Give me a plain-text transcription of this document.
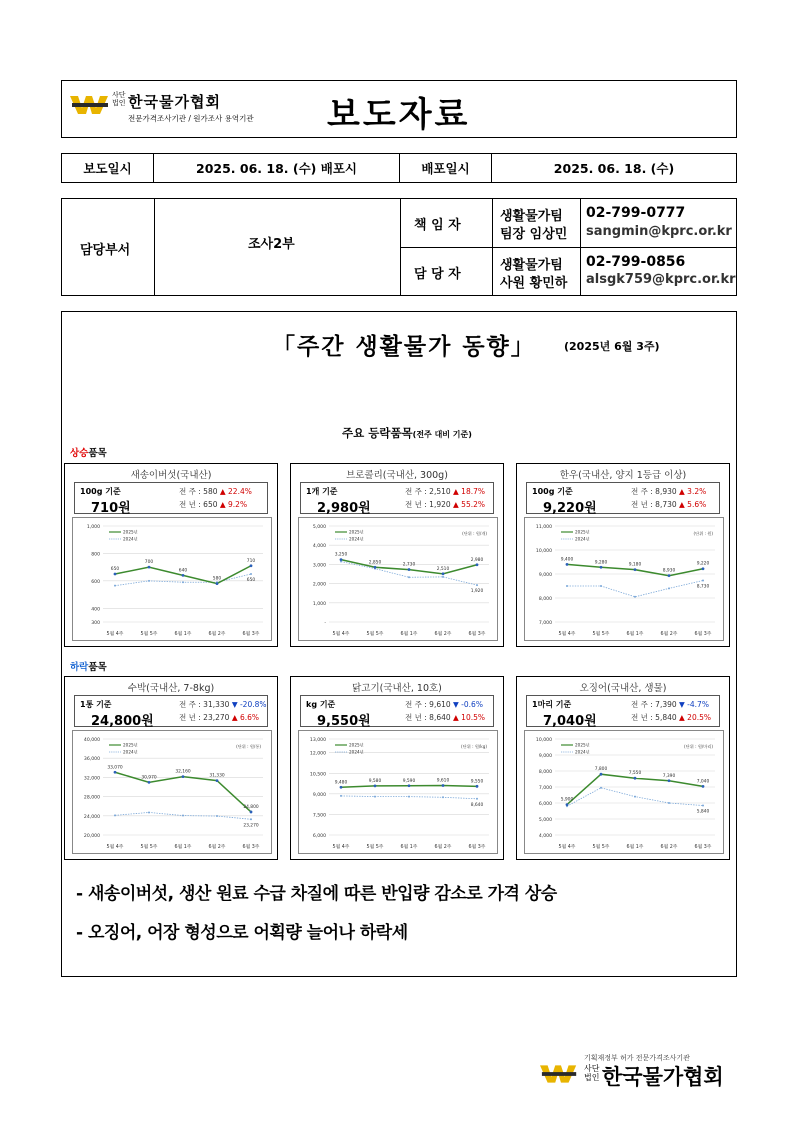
사단법인 한국물가협회
전문가격조사기관 / 원가조사 용역기관 보도자료
보도일시	2025. 06. 18. (수) 배포시	배포일시	2025. 06. 18. (수)
담당부서	조사2부
책 임 자
생활물가팀
팀장 임상민
02-799-0777
sangmin@kprc.or.kr
담 당 자
생활물가팀
사원 황민하
02-799-0856
alsgk759@kprc.or.kr
「주간 생활물가 동향」	(2025년 6월 3주)
주요 등락품목(전주 대비 기준)
상승품목
하락품목
새송이버섯(국내산)
100g 기준
710원
전 주 : 580 ▲ 22.4%
전 년 : 650 ▲ 9.2%
300
400
600
800
1,000
5월 4주	5월 5주	6월 1주	6월 2주	6월 3주
2025년
2024년
650
650
700
640
580
710
브로콜리(국내산, 300g)
1개 기준
2,980원
전 주 : 2,510 ▲ 18.7%
전 년 : 1,920 ▲ 55.2%
-
1,000
2,000
3,000
4,000
5,000
5월 4주	5월 5주	6월 1주	6월 2주	6월 3주
(단위 : 원/개)
2025년
2024년
1,920
3,250
2,850	2,730
2,510
2,980
한우(국내산, 양지 1등급 이상)
100g 기준
9,220원
전 주 : 8,930 ▲ 3.2%
전 년 : 8,730 ▲ 5.6%
7,000
8,000
9,000
10,000
11,000
5월 4주	5월 5주	6월 1주	6월 2주	6월 3주
(단위 : 원)
2025년
2024년
8,730
9,400
9,280	9,180
8,930
9,220
수박(국내산, 7-8kg)
1통 기준
24,800원
전 주 : 31,330 ▼ -20.8%
전 년 : 23,270 ▲ 6.6%
20,000
24,000
28,000
32,000
36,000
40,000
5월 4주	5월 5주	6월 1주	6월 2주	6월 3주
(단위 : 원/통)
2025년
2024년
23,270
33,070
30,970
32,160
31,330
24,800
닭고기(국내산, 10호)
kg 기준
9,550원
전 주 : 9,610 ▼ -0.6%
전 년 : 8,640 ▲ 10.5%
6,000
7,500
9,000
10,500
12,000
13,000
5월 4주	5월 5주	6월 1주	6월 2주	6월 3주
(단위 : 원/kg)
2025년
2024년
8,640
9,480	9,580	9,590	9,610	9,550
오징어(국내산, 생물)
1마리 기준
7,040원
전 주 : 7,390 ▼ -4.7%
전 년 : 5,840 ▲ 20.5%
4,000
5,000
6,000
7,000
8,000
9,000
10,000
5월 4주	5월 5주	6월 1주	6월 2주	6월 3주
(단위 : 원/마리)
2025년
2024년
5,840
5,900
7,800
7,550
7,390
7,040
- 새송이버섯, 생산 원료 수급 차질에 따른 반입량 감소로 가격 상승
- 오징어, 어장 형성으로 어획량 늘어나 하락세
기획재정부 허가 전문가격조사기관
사단법인 한국물가협회
